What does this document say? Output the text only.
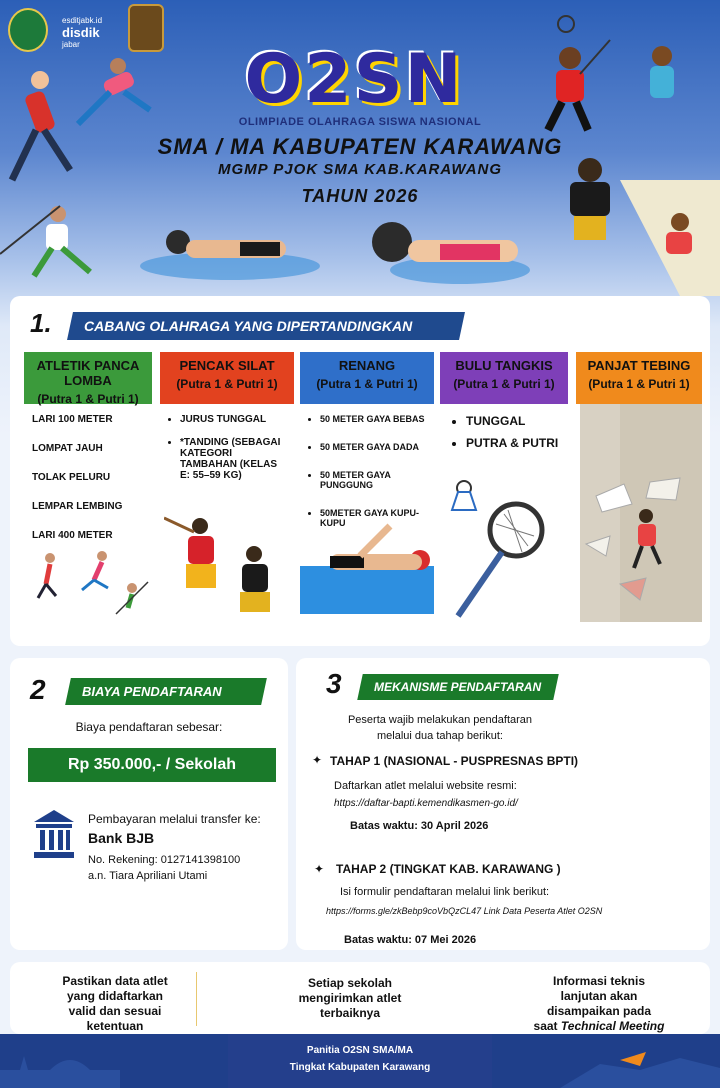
esditjabk.id
disdik
jabar	O2SN
OLIMPIADE OLAHRAGA SISWA NASIONAL
SMA / MA KABUPATEN KARAWANG
MGMP PJOK SMA KAB.KARAWANG
TAHUN 2026
1.	CABANG OLAHRAGA YANG DIPERTANDINGKAN
ATLETIK PANCA LOMBA
(Putra 1 & Putri 1)
LARI 100 METER
LOMPAT JAUH
TOLAK PELURU
LEMPAR LEMBING
LARI 400 METER
PENCAK SILAT
(Putra 1 & Putri 1)
• JURUS TUNGGAL
• *TANDING (SEBAGAI KATEGORI TAMBAHAN (KELAS E: 55–59 KG)
RENANG
(Putra 1 & Putri 1)
• 50 METER GAYA BEBAS
• 50 METER GAYA DADA
• 50 METER GAYA PUNGGUNG
• 50METER GAYA KUPU-KUPU
BULU TANGKIS
(Putra 1 & Putri 1)
• TUNGGAL
• PUTRA & PUTRI
PANJAT TEBING
(Putra 1 & Putri 1)
•
•
2	BIAYA PENDAFTARAN
Biaya pendaftaran sebesar:
Rp 350.000,- / Sekolah
Pembayaran melalui transfer ke:
Bank BJB
No. Rekening: 0127141398100
a.n. Tiara Apriliani Utami
3	MEKANISME PENDAFTARAN
Peserta wajib melakukan pendaftaran
melalui dua tahap berikut:
✦ TAHAP 1 (NASIONAL - PUSPRESNAS BPTI)
Daftarkan atlet melalui website resmi:
https://daftar-bapti.kemendikasmen-go.id/
Batas waktu: 30 April 2026
✦ TAHAP 2 (TINGKAT KAB. KARAWANG )
Isi formulir pendaftaran melalui link berikut:
https://forms.gle/zkBebp9coVbQzCL47 Link Data Peserta Atlet O2SN
Batas waktu: 07 Mei 2026
Pastikan data atlet
yang didaftarkan
valid dan sesuai
ketentuan
Setiap sekolah
mengirimkan atlet
terbaiknya
Informasi teknis
lanjutan akan
disampaikan pada
saat Technical Meeting
Panitia O2SN SMA/MA
Tingkat Kabupaten Karawang
